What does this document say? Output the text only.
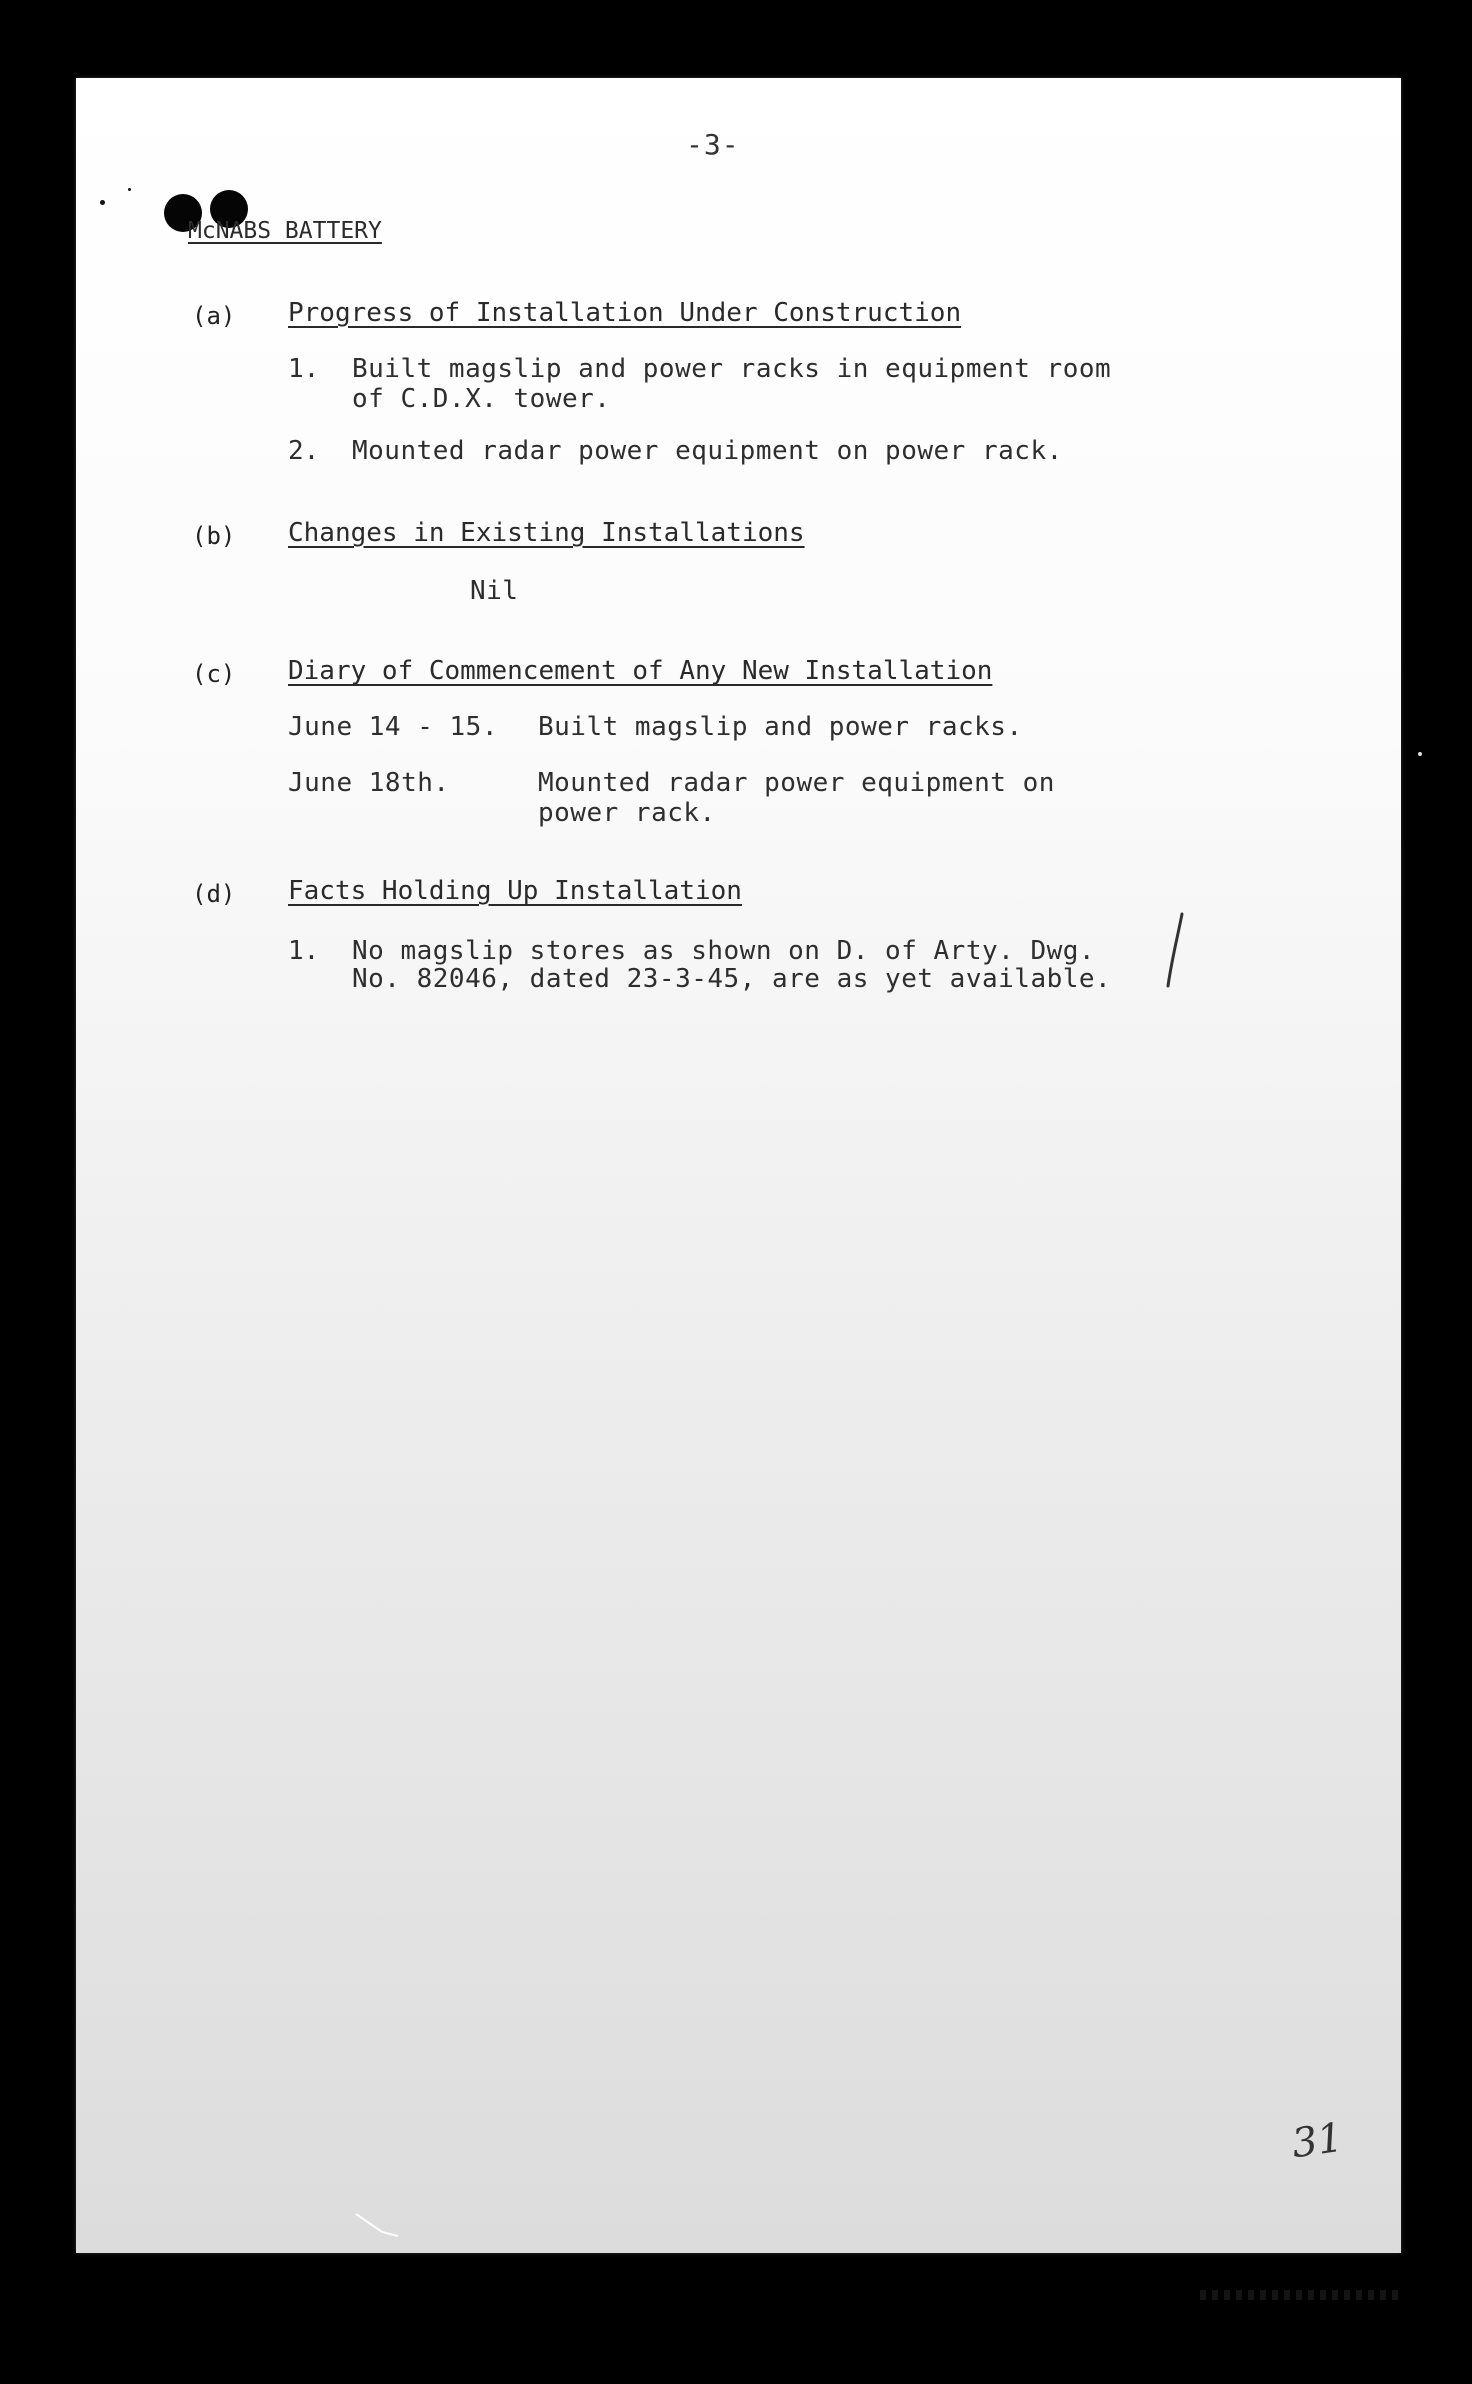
-3-
McNABS BATTERY
(a) Progress of Installation Under Construction
1. Built magslip and power racks in equipment room
of C.D.X. tower.
2. Mounted radar power equipment on power rack.
(b) Changes in Existing Installations
Nil
(c) Diary of Commencement of Any New Installation
June 14 - 15. Built magslip and power racks.
June 18th.	Mounted radar power equipment on
power rack.
(d) Facts Holding Up Installation
1. No magslip stores as shown on D. of Arty. Dwg.
No. 82046, dated 23-3-45, are as yet available.
31
